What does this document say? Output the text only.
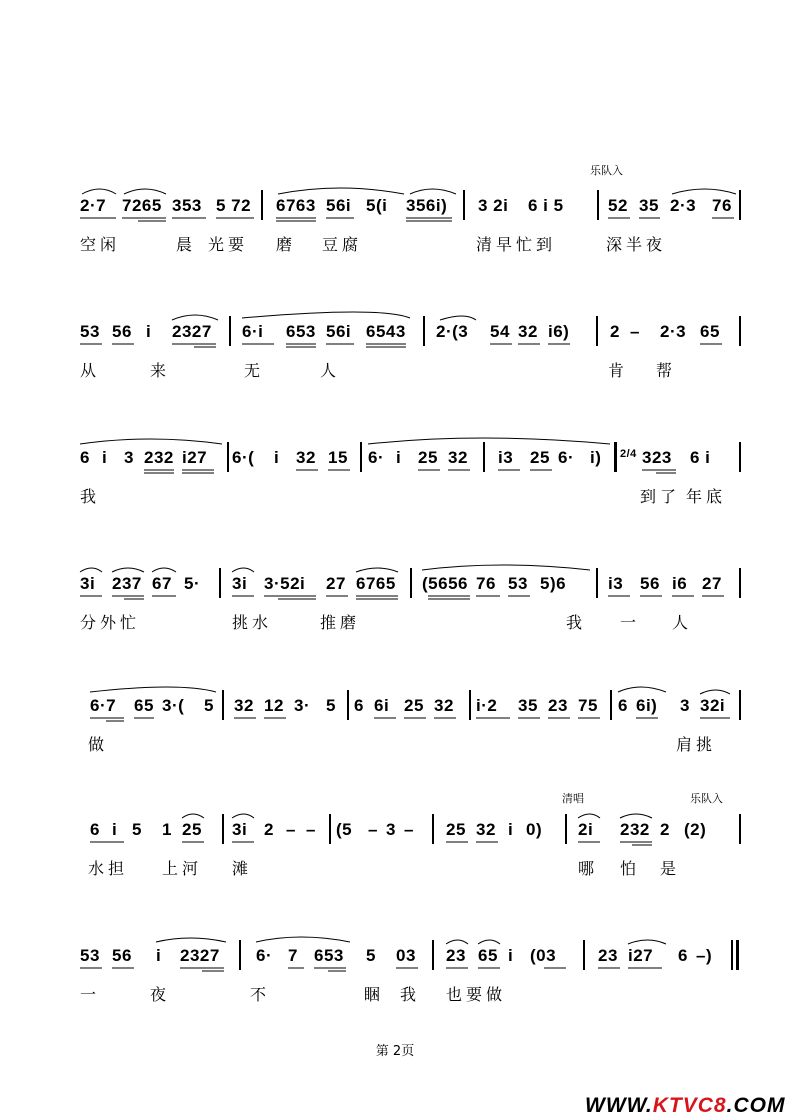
乐队入
2·7 7265 353 5 72 6763 56i 5(i 356i) 3 2i 6 i 5	52 35 2·3 76
空闲	晨 光要 磨 豆腐	清早忙到	深半夜
53 56 i 2327 6·i 653 56i 6543 2·(3 54 32 i6) 2 – 2·3 65
从	来	无	人	肯 帮
6 i 3 232 i27 6·( i 32 15 6· i 25 32 i3 25 6· i) 2/4 323 6 i
我	到了 年底
3i 237 67 5· 3i 3·52i 27 6765 (5656 76 53 5)6 i3 56 i6 27
分外忙	挑水	推磨	我 一 人
6·7 65 3·( 5 32 12 3· 5 6 6i 25 32 i·2 35 23 75 6 6i) 3 32i
做	肩挑
清唱	乐队入
6 i 5 1 25 3i 2 – – (5 – 3 – 25 32 i 0) 2i 232 2 (2)
水担 上河 滩	哪 怕 是
53 56 i 2327 6· 7 653 5 03 23 65 i (03 23 i27 6 –)
一	夜	不	睏 我 也要做
第 2页
WWW.KTVC8.COM
